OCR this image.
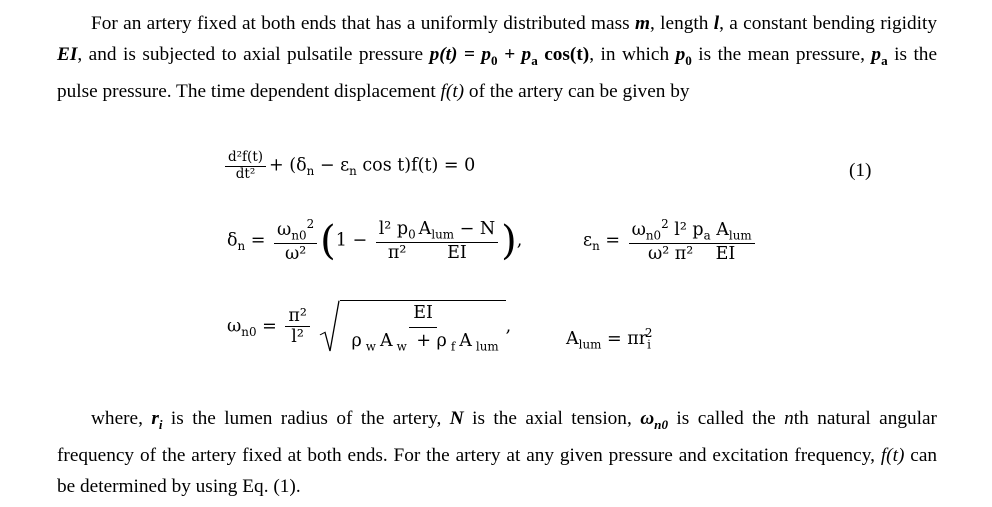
For an artery fixed at both ends that has a uniformly distributed mass m, length l, a constant bending rigidity EI, and is subjected to axial pulsatile pressure $p(t) = p_0 + p_a$ cos(t), in which $p_0$ is the mean pressure, $p_a$ is the pulse pressure. The time dependent displacement f(t) of the artery can be given by
$\frac{\text{d²f(t)}}{\text{dt²}} + (\delta_n - \varepsilon_n$ cos t)f(t) = 0	(1)
$\delta_n = \frac{\omega_{n0}^2}{\text{ω²}} (1 - \frac{l^2 p_0}{\text{π²}} A_{lum} - N$
EI ),	$\varepsilon_n$ =
$\omega_{n0}^2$ l² $p_a$ $A_{lum}$
ω² π² EI
$\omega_{n0} = \frac{\text{π²}}{\text{l²}}$
	EI
ρ $_w$ A $_w$ + ρ $_f$ A $_{lum}$
,
$A_{lum} = \pi r_i^2$
where, $r_i$ is the lumen radius of the artery, N is the axial tension, $\omega_{n0}$ is called the nth natural angular frequency of the artery fixed at both ends. For the artery at any given pressure and excitation frequency, f(t) can be determined by using Eq. (1).
